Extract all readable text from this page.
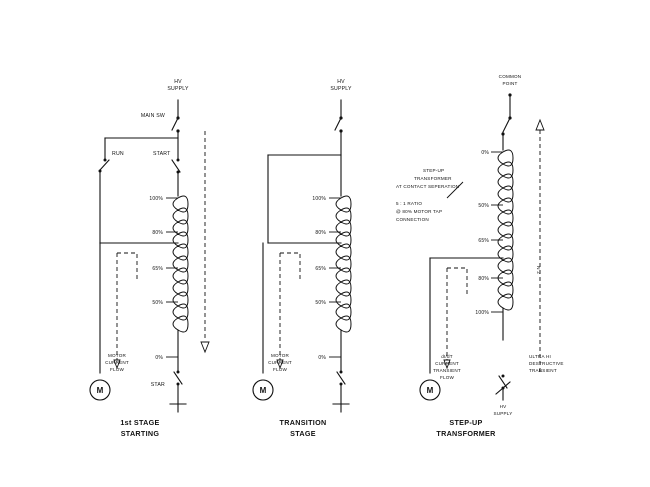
M
HV
SUPPLY
MAIN SW
RUN	START
100%
80%
65%
50%
0%
STAR
MOTOR
CURRENT
FLOW
1st STAGE
STARTING
M
HV
SUPPLY
100%
80%
65%
50%
0%
MOTOR
CURRENT
FLOW
TRANSITION
STAGE
M
COMMON
POINT
0%
50%
65%
80%
100%
dI/dT
CURRENT
TRANSIENT
FLOW
ULTRA HI
DESTRUCTIVE
TRANSIENT
HV
SUPPLY
Z N
STEP-UP
TRANSFORMER
AT CONTACT SEPERATION
5 : 1 RATIO
@ 80% MOTOR TAP
CONNECTION
STEP-UP
TRANSFORMER
